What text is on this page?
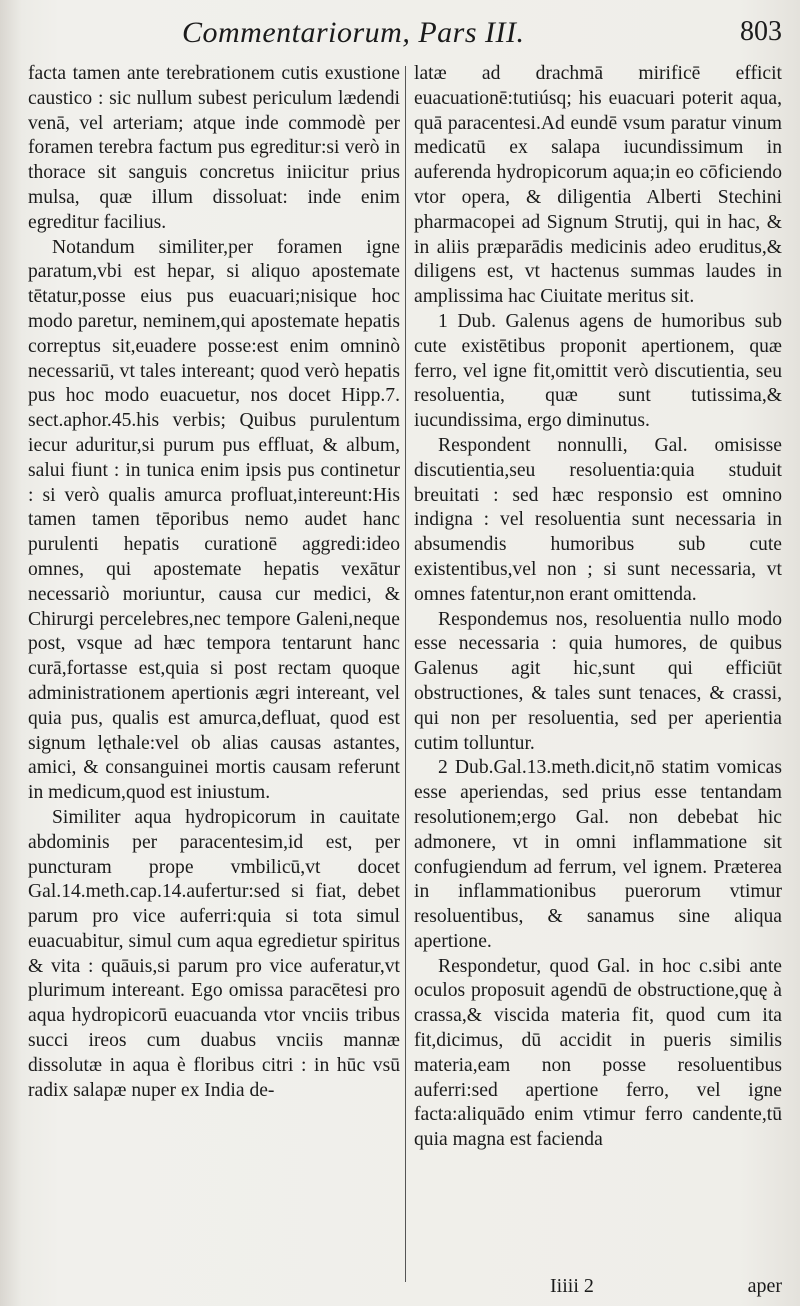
Commentariorum, Pars III.	803

facta tamen ante terebrationem cutis exustione caustico : sic nullum subest periculum lædendi venā, vel arteriam; atque inde commodè per foramen terebra factum pus egreditur:si verò in thorace sit sanguis concretus iniicitur prius mulsa, quæ illum dissoluat: inde enim egreditur facilius.

Notandum similiter,per foramen igne paratum,vbi est hepar, si aliquo apostemate tētatur,posse eius pus euacuari;nisique hoc modo paretur, neminem,qui apostemate hepatis correptus sit,euadere posse:est enim omninò necessariū, vt tales intereant; quod verò hepatis pus hoc modo euacuetur, nos docet Hipp.7. sect.aphor.45.his verbis; Quibus purulentum iecur aduritur,si purum pus effluat, & album, salui fiunt : in tunica enim ipsis pus continetur : si verò qualis amurca profluat,intereunt:His tamen tamen tēporibus nemo audet hanc purulenti hepatis curationē aggredi:ideo omnes, qui apostemate hepatis vexātur necessariò moriuntur, causa cur medici, & Chirurgi percelebres,nec tempore Galeni,neque post, vsque ad hæc tempora tentarunt hanc curā,fortasse est,quia si post rectam quoque administrationem apertionis ægri intereant, vel quia pus, qualis est amurca,defluat, quod est signum lęthale:vel ob alias causas astantes, amici, & consanguinei mortis causam referunt in medicum,quod est iniustum.

Similiter aqua hydropicorum in cauitate abdominis per paracentesim,id est, per puncturam prope vmbilicū,vt docet Gal.14.meth.cap.14.aufertur:sed si fiat, debet parum pro vice auferri:quia si tota simul euacuabitur, simul cum aqua egredietur spiritus & vita : quāuis,si parum pro vice auferatur,vt plurimum intereant. Ego omissa paracētesi pro aqua hydropicorū euacuanda vtor vnciis tribus succi ireos cum duabus vnciis mannæ dissolutæ in aqua è floribus citri : in hūc vsū radix salapæ nuper ex India de-

latæ ad drachmā mirificē efficit euacuationē:tutiúsq; his euacuari poterit aqua, quā paracentesi.Ad eundē vsum paratur vinum medicatū ex salapa iucundissimum in auferenda hydropicorum aqua;in eo cōficiendo vtor opera, & diligentia Alberti Stechini pharmacopei ad Signum Strutij, qui in hac, & in aliis præparādis medicinis adeo eruditus,& diligens est, vt hactenus summas laudes in amplissima hac Ciuitate meritus sit.

1 Dub. Galenus agens de humoribus sub cute existētibus proponit apertionem, quæ ferro, vel igne fit,omittit verò discutientia, seu resoluentia, quæ sunt tutissima,& iucundissima, ergo diminutus.

Respondent nonnulli, Gal. omisisse discutientia,seu resoluentia:quia studuit breuitati : sed hæc responsio est omnino indigna : vel resoluentia sunt necessaria in absumendis humoribus sub cute existentibus,vel non ; si sunt necessaria, vt omnes fatentur,non erant omittenda.

Respondemus nos, resoluentia nullo modo esse necessaria : quia humores, de quibus Galenus agit hic,sunt qui efficiūt obstructiones, & tales sunt tenaces, & crassi, qui non per resoluentia, sed per aperientia cutim tolluntur.

2 Dub.Gal.13.meth.dicit,nō statim vomicas esse aperiendas, sed prius esse tentandam resolutionem;ergo Gal. non debebat hic admonere, vt in omni inflammatione sit confugiendum ad ferrum, vel ignem. Præterea in inflammationibus puerorum vtimur resoluentibus, & sanamus sine aliqua apertione.

Respondetur, quod Gal. in hoc c.sibi ante oculos proposuit agendū de obstructione,quę à crassa,& viscida materia fit, quod cum ita fit,dicimus, dū accidit in pueris similis materia,eam non posse resoluentibus auferri:sed apertione ferro, vel igne facta:aliquādo enim vtimur ferro candente,tū quia magna est facienda

Iiiii 2	aper
